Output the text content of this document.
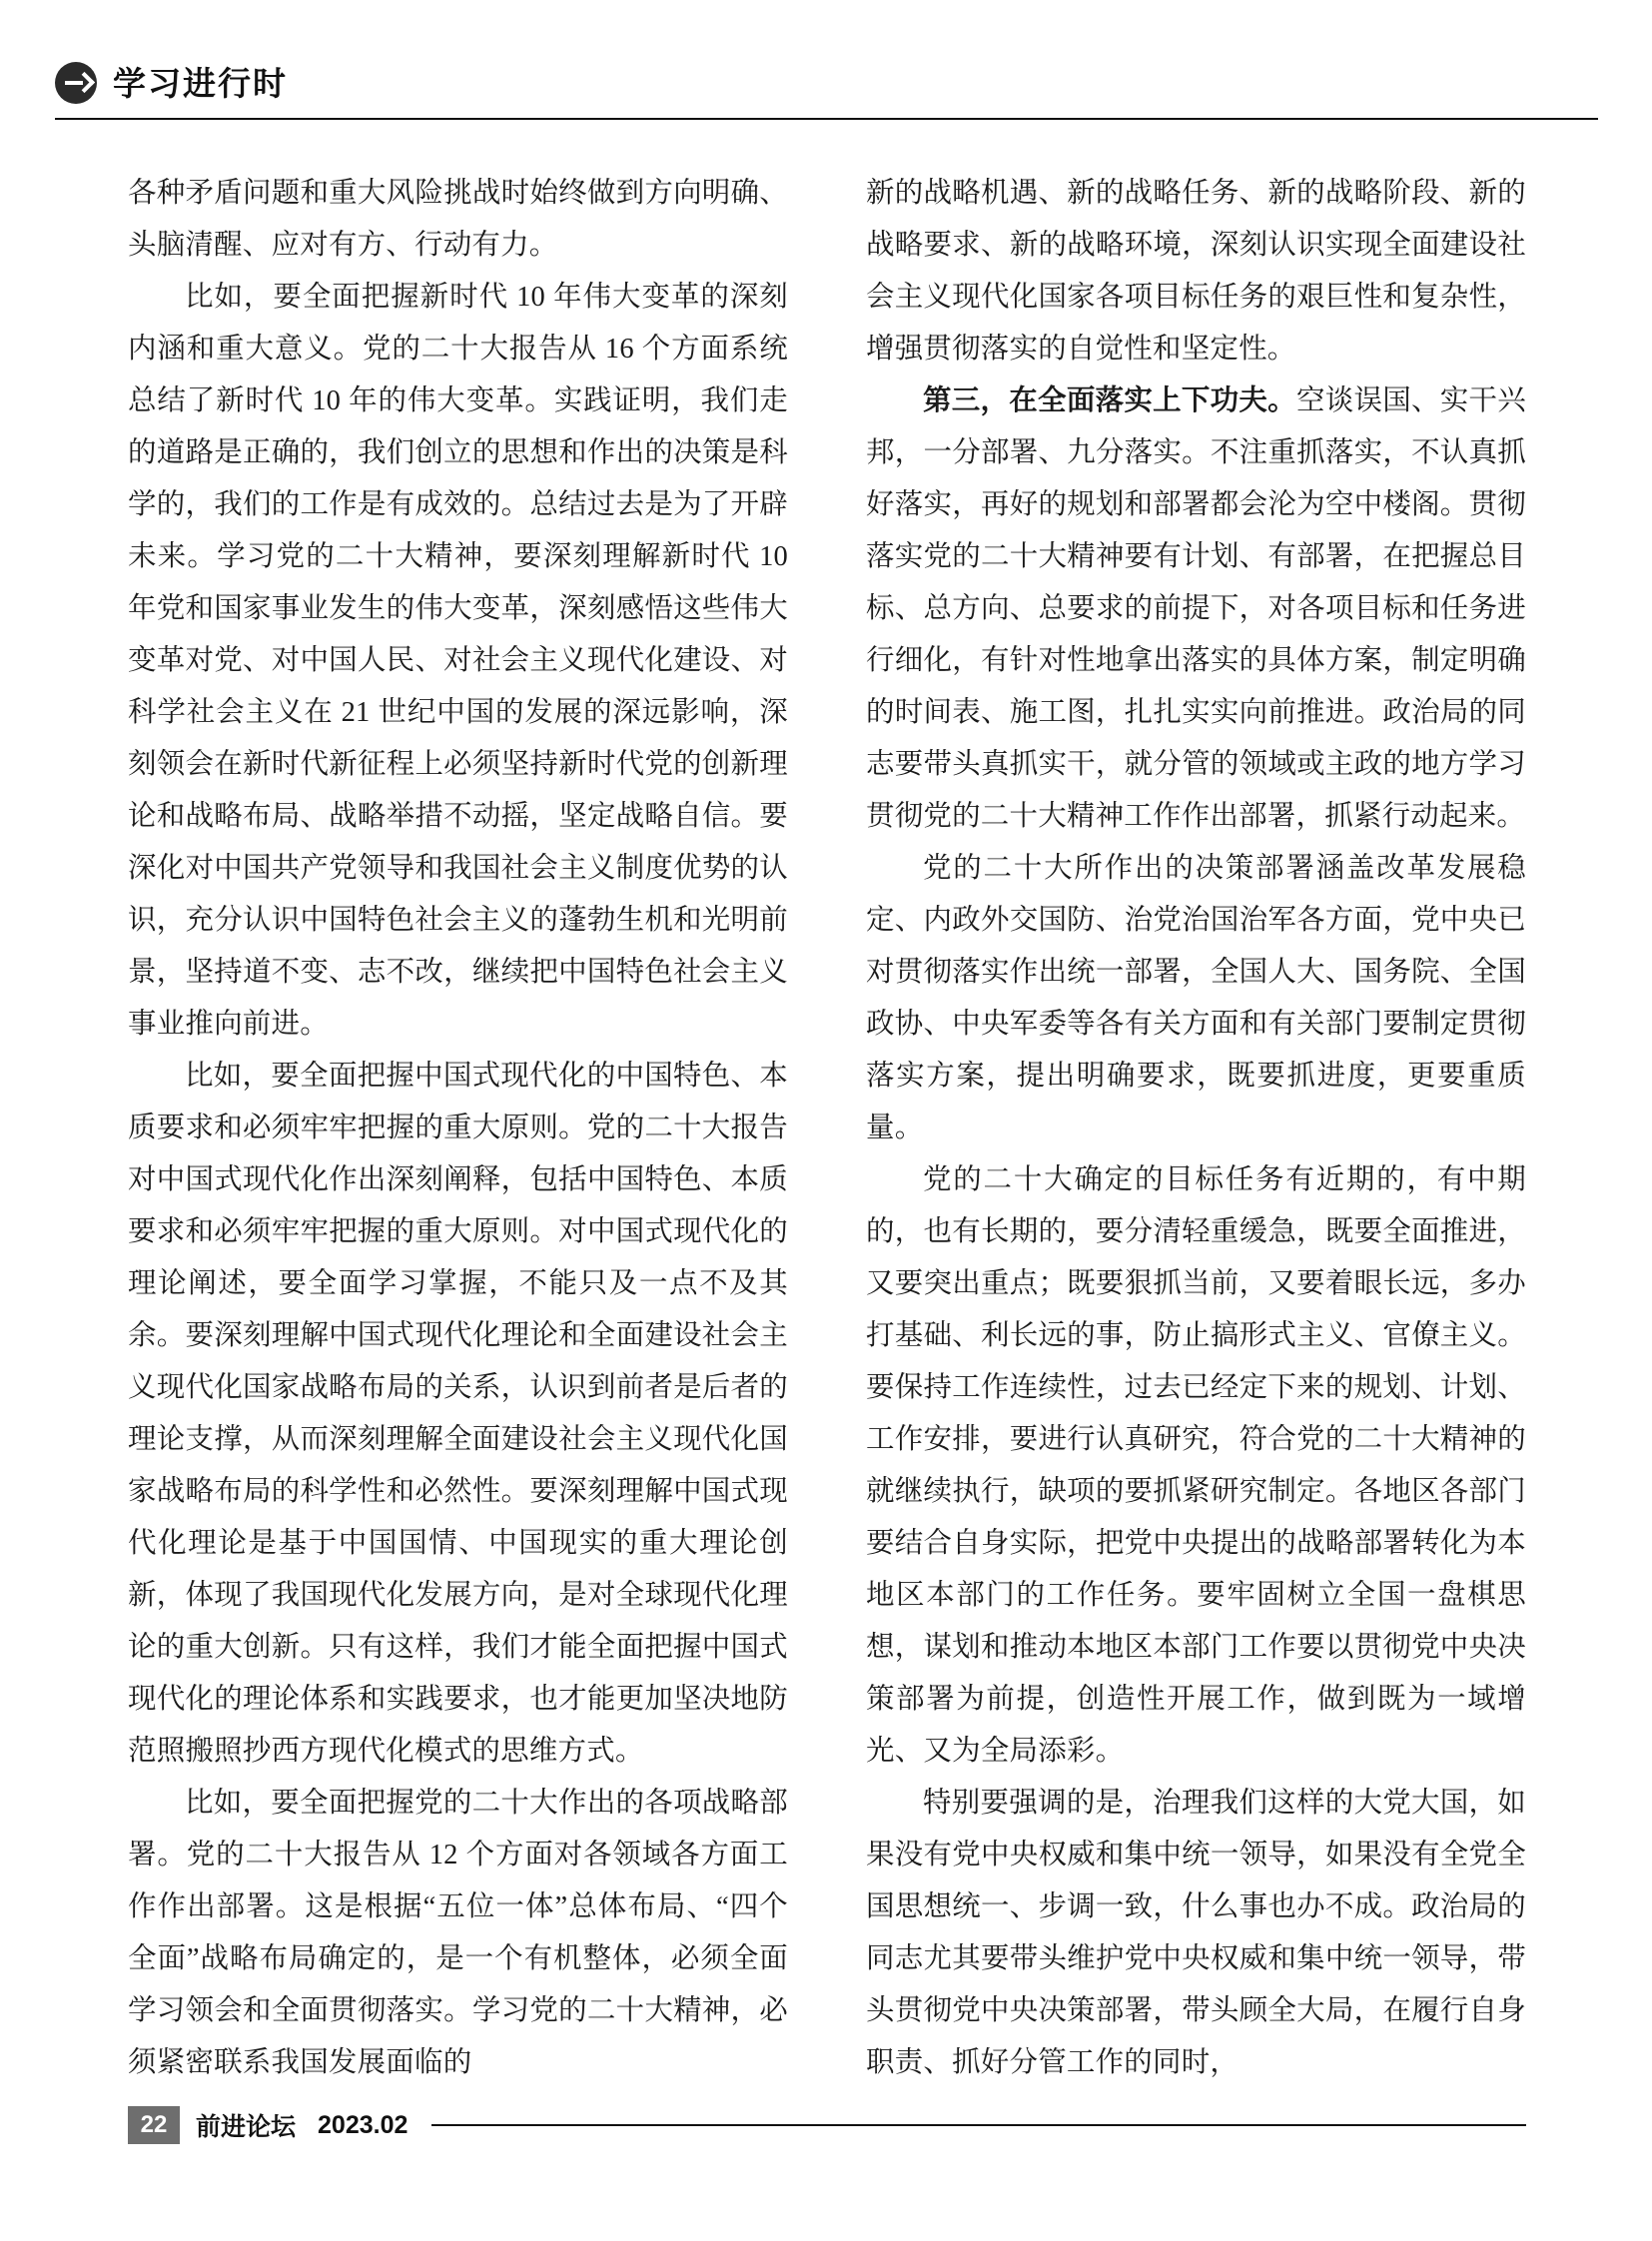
学习进行时

各种矛盾问题和重大风险挑战时始终做到方向明确、头脑清醒、应对有方、行动有力。

比如，要全面把握新时代 10 年伟大变革的深刻内涵和重大意义。党的二十大报告从 16 个方面系统总结了新时代 10 年的伟大变革。实践证明，我们走的道路是正确的，我们创立的思想和作出的决策是科学的，我们的工作是有成效的。总结过去是为了开辟未来。学习党的二十大精神，要深刻理解新时代 10 年党和国家事业发生的伟大变革，深刻感悟这些伟大变革对党、对中国人民、对社会主义现代化建设、对科学社会主义在 21 世纪中国的发展的深远影响，深刻领会在新时代新征程上必须坚持新时代党的创新理论和战略布局、战略举措不动摇，坚定战略自信。要深化对中国共产党领导和我国社会主义制度优势的认识，充分认识中国特色社会主义的蓬勃生机和光明前景，坚持道不变、志不改，继续把中国特色社会主义事业推向前进。

比如，要全面把握中国式现代化的中国特色、本质要求和必须牢牢把握的重大原则。党的二十大报告对中国式现代化作出深刻阐释，包括中国特色、本质要求和必须牢牢把握的重大原则。对中国式现代化的理论阐述，要全面学习掌握，不能只及一点不及其余。要深刻理解中国式现代化理论和全面建设社会主义现代化国家战略布局的关系，认识到前者是后者的理论支撑，从而深刻理解全面建设社会主义现代化国家战略布局的科学性和必然性。要深刻理解中国式现代化理论是基于中国国情、中国现实的重大理论创新，体现了我国现代化发展方向，是对全球现代化理论的重大创新。只有这样，我们才能全面把握中国式现代化的理论体系和实践要求，也才能更加坚决地防范照搬照抄西方现代化模式的思维方式。

比如，要全面把握党的二十大作出的各项战略部署。党的二十大报告从 12 个方面对各领域各方面工作作出部署。这是根据“五位一体”总体布局、“四个全面”战略布局确定的，是一个有机整体，必须全面学习领会和全面贯彻落实。学习党的二十大精神，必须紧密联系我国发展面临的

新的战略机遇、新的战略任务、新的战略阶段、新的战略要求、新的战略环境，深刻认识实现全面建设社会主义现代化国家各项目标任务的艰巨性和复杂性，增强贯彻落实的自觉性和坚定性。

第三，在全面落实上下功夫。空谈误国、实干兴邦，一分部署、九分落实。不注重抓落实，不认真抓好落实，再好的规划和部署都会沦为空中楼阁。贯彻落实党的二十大精神要有计划、有部署，在把握总目标、总方向、总要求的前提下，对各项目标和任务进行细化，有针对性地拿出落实的具体方案，制定明确的时间表、施工图，扎扎实实向前推进。政治局的同志要带头真抓实干，就分管的领域或主政的地方学习贯彻党的二十大精神工作作出部署，抓紧行动起来。

党的二十大所作出的决策部署涵盖改革发展稳定、内政外交国防、治党治国治军各方面，党中央已对贯彻落实作出统一部署，全国人大、国务院、全国政协、中央军委等各有关方面和有关部门要制定贯彻落实方案，提出明确要求，既要抓进度，更要重质量。

党的二十大确定的目标任务有近期的，有中期的，也有长期的，要分清轻重缓急，既要全面推进，又要突出重点；既要狠抓当前，又要着眼长远，多办打基础、利长远的事，防止搞形式主义、官僚主义。要保持工作连续性，过去已经定下来的规划、计划、工作安排，要进行认真研究，符合党的二十大精神的就继续执行，缺项的要抓紧研究制定。各地区各部门要结合自身实际，把党中央提出的战略部署转化为本地区本部门的工作任务。要牢固树立全国一盘棋思想，谋划和推动本地区本部门工作要以贯彻党中央决策部署为前提，创造性开展工作，做到既为一域增光、又为全局添彩。

特别要强调的是，治理我们这样的大党大国，如果没有党中央权威和集中统一领导，如果没有全党全国思想统一、步调一致，什么事也办不成。政治局的同志尤其要带头维护党中央权威和集中统一领导，带头贯彻党中央决策部署，带头顾全大局，在履行自身职责、抓好分管工作的同时，

22	前进论坛 2023.02
